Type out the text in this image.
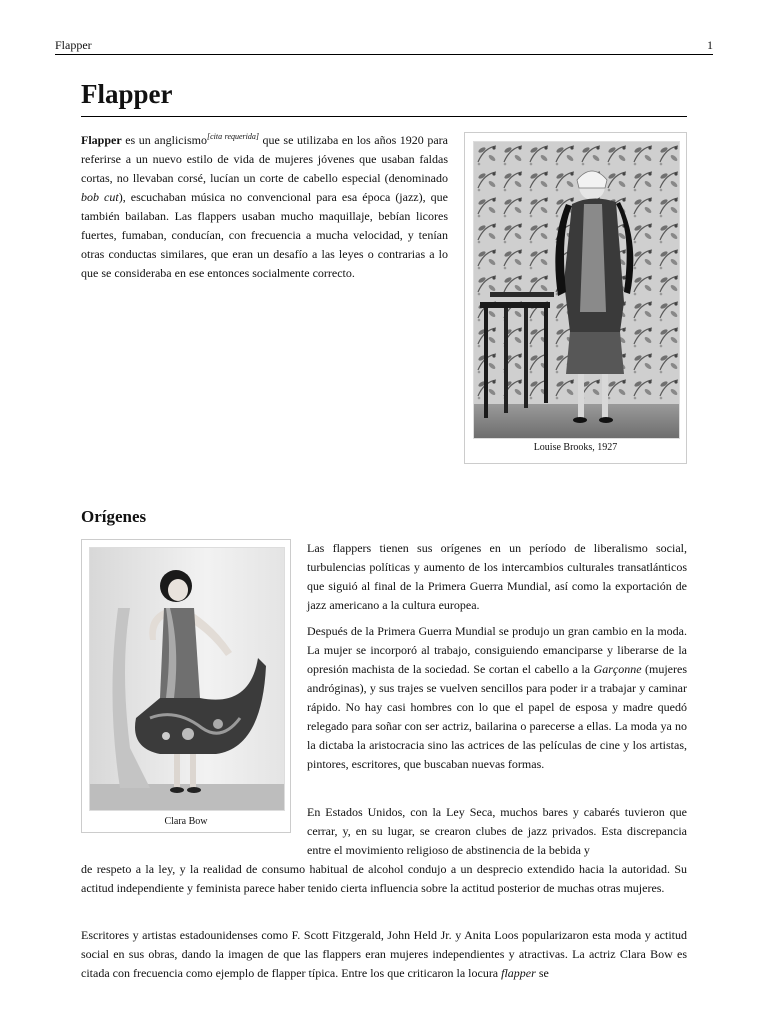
Flapper	1
Flapper

Flapper es un anglicismo[cita requerida] que se utilizaba en los años 1920 para referirse a un nuevo estilo de vida de mujeres jóvenes que usaban faldas cortas, no llevaban corsé, lucían un corte de cabello especial (denominado bob cut), escuchaban música no convencional para esa época (jazz), que también bailaban. Las flappers usaban mucho maquillaje, bebían licores fuertes, fumaban, conducían, con frecuencia a mucha velocidad, y tenían otras conductas similares, que eran un desafío a las leyes o contrarias a lo que se consideraba en ese entonces socialmente correcto.

Louise Brooks, 1927
Orígenes
Clara Bow

Las flappers tienen sus orígenes en un período de liberalismo social, turbulencias políticas y aumento de los intercambios culturales transatlánticos que siguió al final de la Primera Guerra Mundial, así como la exportación de jazz americano a la cultura europea.

Después de la Primera Guerra Mundial se produjo un gran cambio en la moda. La mujer se incorporó al trabajo, consiguiendo emanciparse y liberarse de la opresión machista de la sociedad. Se cortan el cabello a la Garçonne (mujeres andróginas), y sus trajes se vuelven sencillos para poder ir a trabajar y caminar rápido. No hay casi hombres con lo que el papel de esposa y madre quedó relegado para soñar con ser actriz, bailarina o parecerse a ellas. La moda ya no la dictaba la aristocracia sino las actrices de las películas de cine y los artistas, pintores, escritores, que buscaban nuevas formas.

En Estados Unidos, con la Ley Seca, muchos bares y cabarés tuvieron que cerrar, y, en su lugar, se crearon clubes de jazz privados. Esta discrepancia entre el movimiento religioso de abstinencia de la bebida y

de respeto a la ley, y la realidad de consumo habitual de alcohol condujo a un desprecio extendido hacia la autoridad. Su actitud independiente y feminista parece haber tenido cierta influencia sobre la actitud posterior de muchas otras mujeres.

Escritores y artistas estadounidenses como F. Scott Fitzgerald, John Held Jr. y Anita Loos popularizaron esta moda y actitud social en sus obras, dando la imagen de que las flappers eran mujeres independientes y atractivas. La actriz Clara Bow es citada con frecuencia como ejemplo de flapper típica. Entre los que criticaron la locura flapper se
